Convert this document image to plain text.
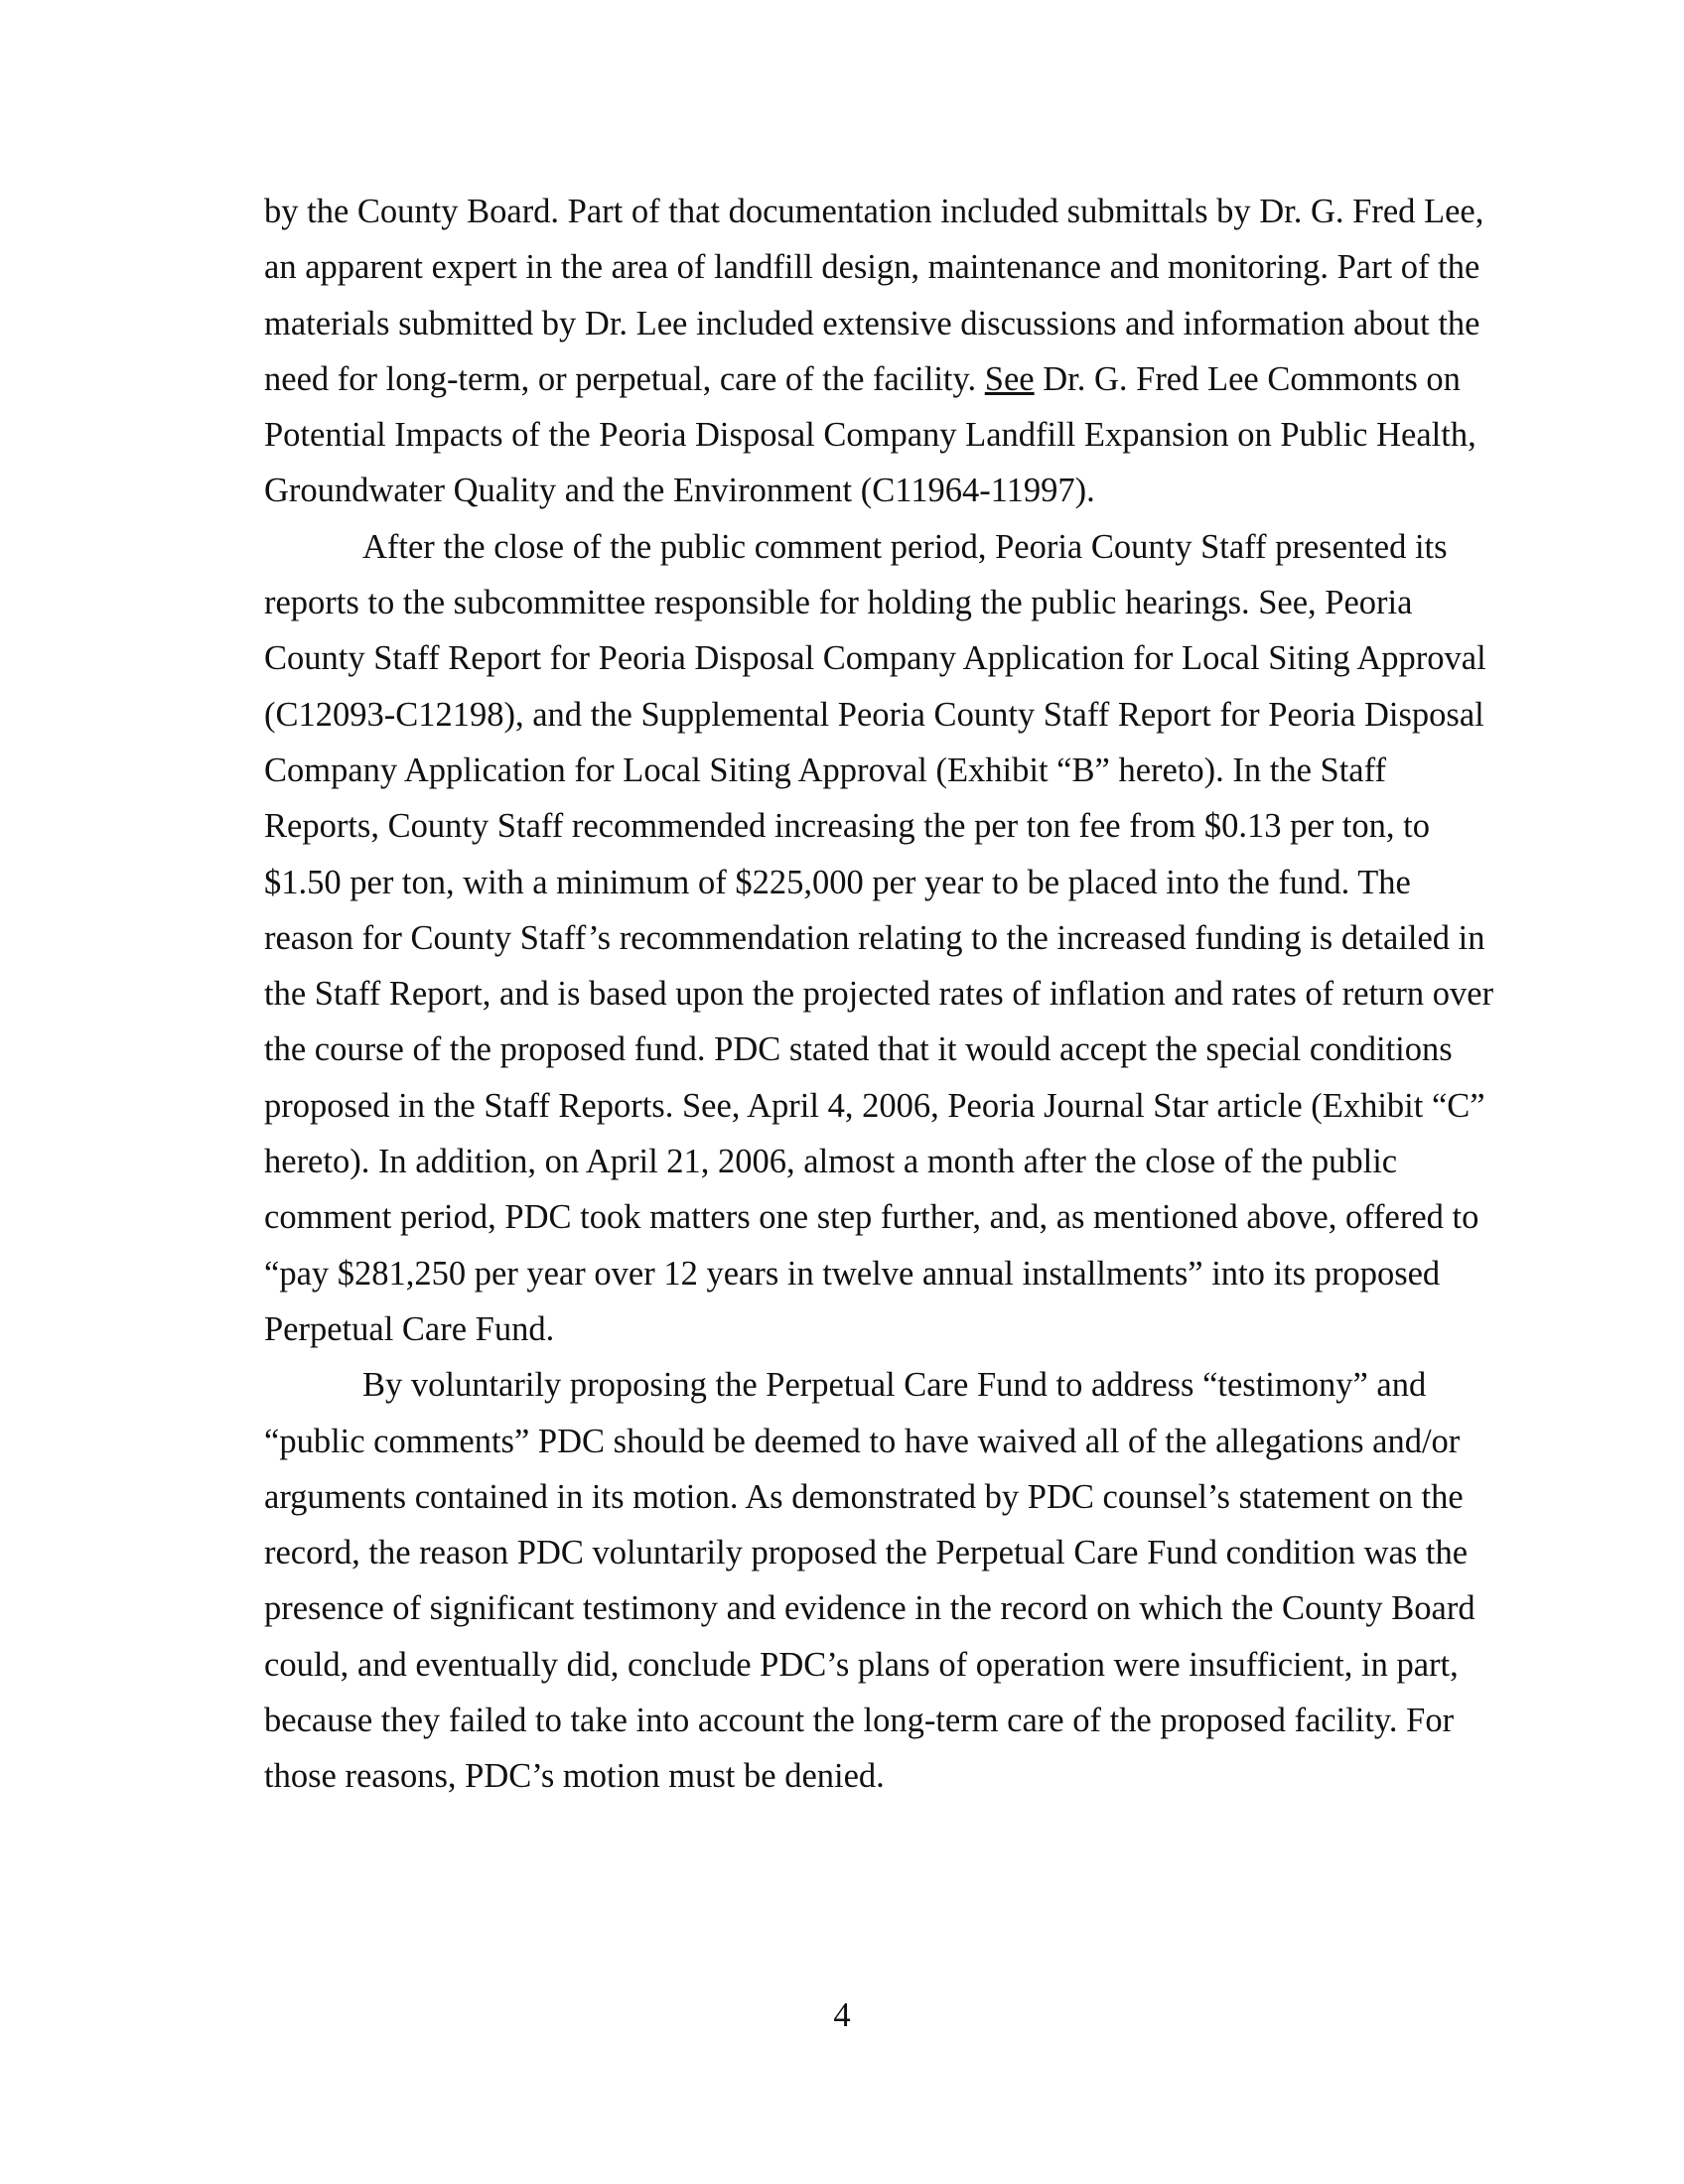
by the County Board. Part of that documentation included submittals by Dr. G. Fred Lee,
an apparent expert in the area of landfill design, maintenance and monitoring. Part of the
materials submitted by Dr. Lee included extensive discussions and information about the
need for long-term, or perpetual, care of the facility. See Dr. G. Fred Lee Commonts on
Potential Impacts of the Peoria Disposal Company Landfill Expansion on Public Health,
Groundwater Quality and the Environment (C11964-11997).
After the close of the public comment period, Peoria County Staff presented its
reports to the subcommittee responsible for holding the public hearings. See, Peoria
County Staff Report for Peoria Disposal Company Application for Local Siting Approval
(C12093-C12198), and the Supplemental Peoria County Staff Report for Peoria Disposal
Company Application for Local Siting Approval (Exhibit “B” hereto). In the Staff
Reports, County Staff recommended increasing the per ton fee from $0.13 per ton, to
$1.50 per ton, with a minimum of $225,000 per year to be placed into the fund. The
reason for County Staff’s recommendation relating to the increased funding is detailed in
the Staff Report, and is based upon the projected rates of inflation and rates of return over
the course of the proposed fund. PDC stated that it would accept the special conditions
proposed in the Staff Reports. See, April 4, 2006, Peoria Journal Star article (Exhibit “C”
hereto). In addition, on April 21, 2006, almost a month after the close of the public
comment period, PDC took matters one step further, and, as mentioned above, offered to
“pay $281,250 per year over 12 years in twelve annual installments” into its proposed
Perpetual Care Fund.
By voluntarily proposing the Perpetual Care Fund to address “testimony” and
“public comments” PDC should be deemed to have waived all of the allegations and/or
arguments contained in its motion. As demonstrated by PDC counsel’s statement on the
record, the reason PDC voluntarily proposed the Perpetual Care Fund condition was the
presence of significant testimony and evidence in the record on which the County Board
could, and eventually did, conclude PDC’s plans of operation were insufficient, in part,
because they failed to take into account the long-term care of the proposed facility. For
those reasons, PDC’s motion must be denied.
4
